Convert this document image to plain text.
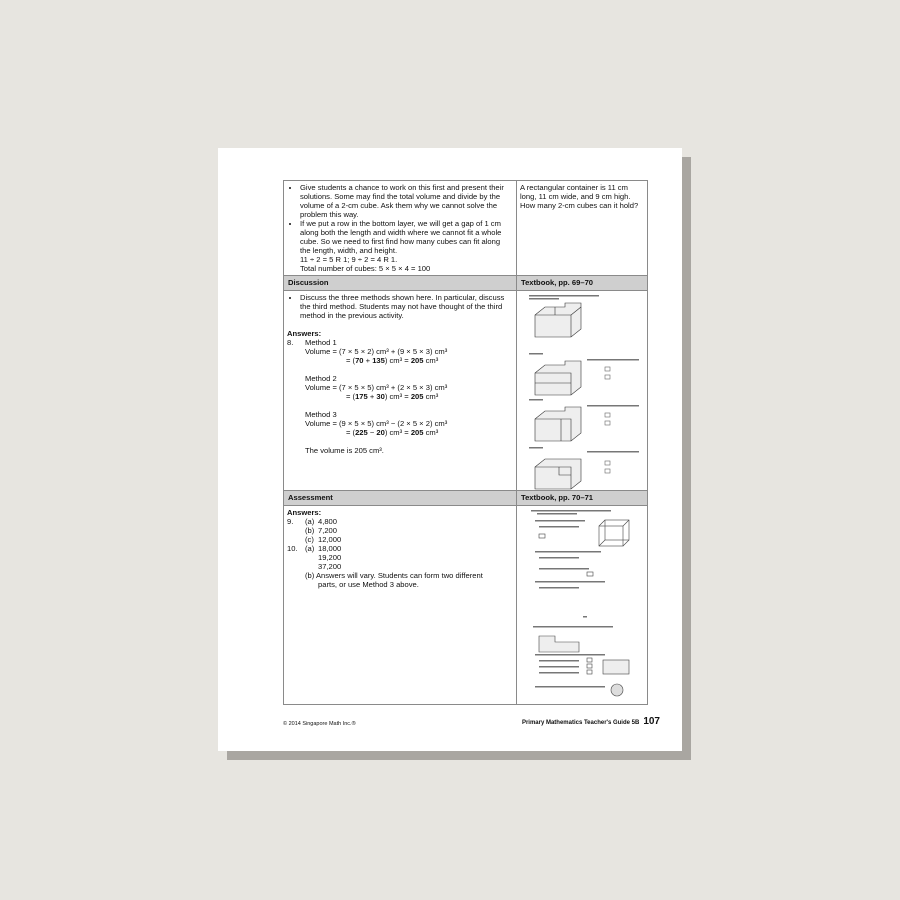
• Give students a chance to work on this first and present their solutions. Some may find the total volume and divide by the volume of a 2-cm cube. Ask them why we cannot solve the problem this way.
• If we put a row in the bottom layer, we will get a gap of 1 cm along both the length and width where we cannot fit a whole cube. So we need to first find how many cubes can fit along the length, width, and height.
11 ÷ 2 = 5 R 1; 9 ÷ 2 = 4 R 1.
Total number of cubes: 5 × 5 × 4 = 100
A rectangular container is 11 cm long, 11 cm wide, and 9 cm high. How many 2-cm cubes can it hold?
Discussion	Textbook, pp. 69–70
• Discuss the three methods shown here. In particular, discuss the third method. Students may not have thought of the third method in the previous activity.
Answers:
8. Method 1
Volume = (7 × 5 × 2) cm³ + (9 × 5 × 3) cm³
= (70 + 135) cm³ = 205 cm³
Method 2
Volume = (7 × 5 × 5) cm³ + (2 × 5 × 3) cm³
= (175 + 30) cm³ = 205 cm³
Method 3
Volume = (9 × 5 × 5) cm³ − (2 × 5 × 2) cm³
= (225 − 20) cm³ = 205 cm³
The volume is 205 cm³.
Assessment	Textbook, pp. 70–71
Answers:
9. (a) 4,800
(b) 7,200
(c) 12,000
10. (a) 18,000
19,200
37,200
(b) Answers will vary. Students can form two different
parts, or use Method 3 above.
© 2014 Singapore Math Inc.®	Primary Mathematics Teacher's Guide 5B 107
